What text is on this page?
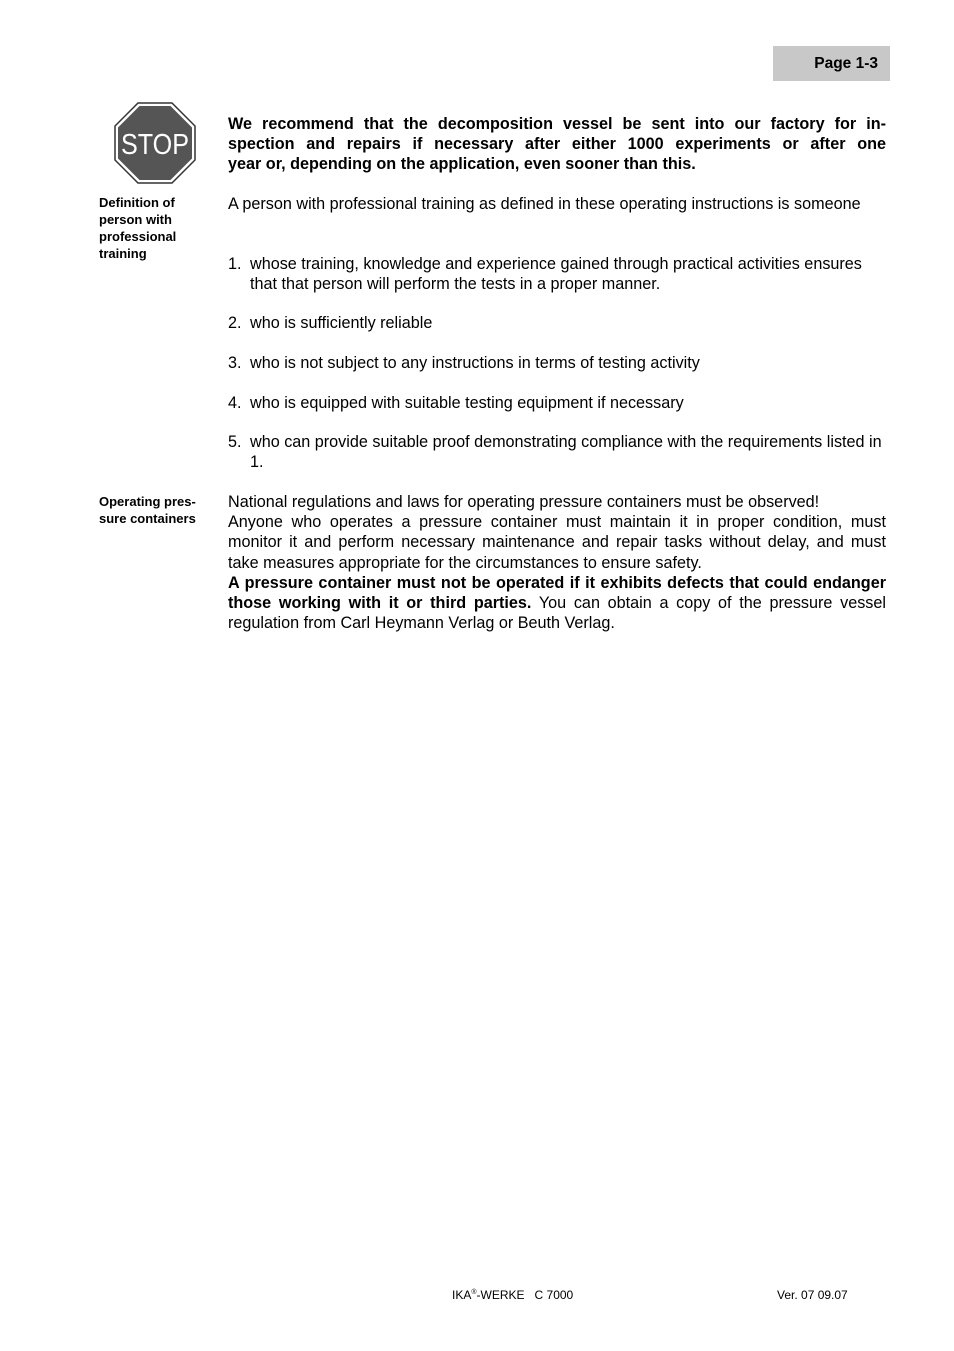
Page 1-3
STOP
We recommend that the decomposition vessel be sent into our factory for in-
spection and repairs if necessary after either 1000 experiments or after one
year or, depending on the application, even sooner than this.
Definition of
person with
professional
training

A person with professional training as defined in these operating instructions is someone

1. whose training, knowledge and experience gained through practical activities ensures that that person will perform the tests in a proper manner.
2. who is sufficiently reliable
3. who is not subject to any instructions in terms of testing activity
4. who is equipped with suitable testing equipment if necessary
5. who can provide suitable proof demonstrating compliance with the requirements listed in 1.
Operating pres-
sure containers

National regulations and laws for operating pressure containers must be observed!

Anyone who operates a pressure container must maintain it in proper condition, must monitor it and perform necessary maintenance and repair tasks without delay, and must take measures appropriate for the circumstances to ensure safety.

A pressure container must not be operated if it exhibits defects that could endanger those working with it or third parties. You can obtain a copy of the pressure vessel regulation from Carl Heymann Verlag or Beuth Verlag.

IKA®-WERKE C 7000	Ver. 07 09.07
